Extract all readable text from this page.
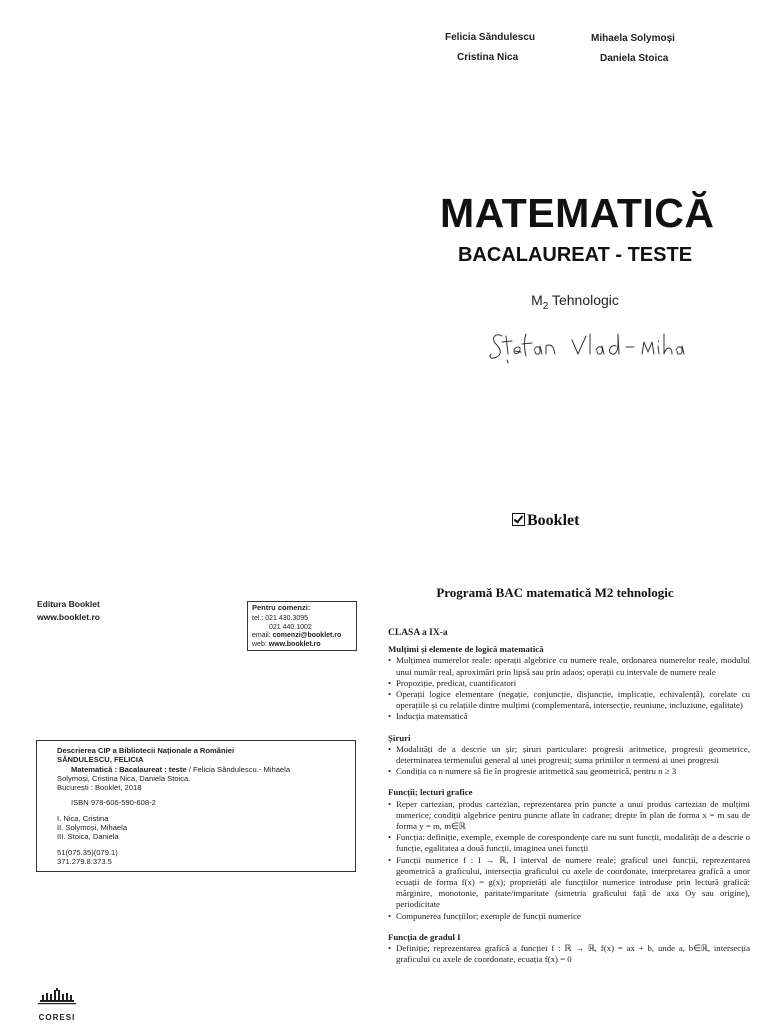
Felicia Săndulescu
Cristina Nica
Mihaela Solymoși
Daniela Stoica
MATEMATICĂ
BACALAUREAT - TESTE
$M_2$ Tehnologic
Booklet
Editura Booklet
www.booklet.ro
Pentru comenzi:
tel.: 021 430.3095
021 440.1002
email: comenzi@booklet.ro
web: www.booklet.ro
Descrierea CIP a Bibliotecii Naționale a României
SĂNDULESCU, FELICIA
Matematică : Bacalaureat : teste / Felicia Săndulescu.- Mihaela
Solymoși, Cristina Nica, Daniela Stoica.
București : Booklet, 2018
ISBN 978-606-590-608-2
I. Nica, Cristina
II. Solymoși, Mihaela
III. Stoica, Daniela
51(075.35)(079.1)
371.279.8:373.5
CORESI
Programă BAC matematică M2 tehnologic
CLASA a IX-a
Mulțimi și elemente de logică matematică
• Mulțimea numerelor reale: operații algebrice cu numere reale, ordonarea numerelor reale, modulul unui număr real, aproximări prin lipsă sau prin adaos; operații cu intervale de numere reale
• Propoziție, predicat, cuantificatori
• Operații logice elementare (negație, conjuncție, disjuncție, implicație, echivalență), corelate cu operațiile și cu relațiile dintre mulțimi (complementară, intersecție, reuniune, incluziune, egalitate)
• Inducția matematică
Șiruri
• Modalități de a descrie un șir; șiruri particulare: progresii aritmetice, progresii geometrice, determinarea termenului general al unei progresii; suma primilor n termeni ai unei progresii
• Condiția ca n numere să fie în progresie aritmetică sau geometrică, pentru n ≥ 3
Funcții; lecturi grafice
• Reper cartezian, produs cartezian, reprezentarea prin puncte a unui produs cartezian de mulțimi numerice; condiții algebrice pentru puncte aflate în cadrane; drepte în plan de forma x = m sau de forma y = m, m∈ℝ
• Funcția: definiție, exemple, exemple de corespondențe care nu sunt funcții, modalități de a descrie o funcție, egalitatea a două funcții, imaginea unei funcții
• Funcții numerice f : I → ℝ, I interval de numere reale; graficul unei funcții, reprezentarea geometrică a graficului, intersecția graficului cu axele de coordonate, interpretarea grafică a unor ecuații de forma f(x) = g(x); proprietăți ale funcțiilor numerice introduse prin lectură grafică: mărginire, monotonie, paritate/imparitate (simetria graficului față de axa Oy sau origine), periodicitate
• Compunerea funcțiilor; exemple de funcții numerice
Funcția de gradul I
• Definiție; reprezentarea grafică a funcției f : ℝ → ℝ, f(x) = ax + b, unde a, b∈ℝ, intersecția graficului cu axele de coordonate, ecuația f(x) = 0
